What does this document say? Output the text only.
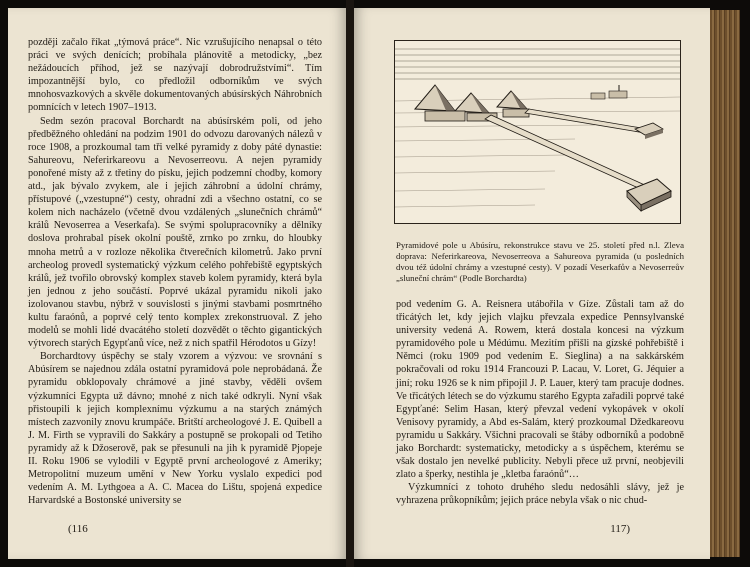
později začalo říkat „týmová práce“. Nic vzrušujícího nenapsal o této práci ve svých denících; probíhala plánovitě a metodicky, „bez nežádoucích příhod, jež se nazývají dobrodružstvími“. Tím impozantnější bylo, co předložil odborníkům ve svých mnohosvazkových a skvěle dokumentovaných abúsírských Náhrobních pomnících v letech 1907–1913.

Sedm sezón pracoval Borchardt na abúsírském poli, od jeho předběžného ohledání na podzim 1901 do odvozu darovaných nálezů v roce 1908, a prozkoumal tam tři velké pyramidy z doby páté dynastie: Sahureovu, Neferirkareovu a Nevoserreovu. A nejen pyramidy ponořené místy až z třetiny do písku, jejich podzemní chodby, komory atd., jak bývalo zvykem, ale i jejich záhrobní a údolní chrámy, přístupové („vzestupné“) cesty, ohradní zdi a všechno ostatní, co se kolem nich nacházelo (včetně dvou vzdálených „slunečních chrámů“ králů Nevoserrea a Veserkafa). Se svými spolupracovníky a dělníky doslova prohrabal písek okolní pouště, zrnko po zrnku, do hloubky mnoha metrů a v rozloze několika čtverečních kilometrů. Jako první archeolog provedl systematický výzkum celého pohřebiště egyptských králů, jež tvořilo obrovský komplex staveb kolem pyramidy, která byla jen jednou z jeho součástí. Poprvé ukázal pyramidu nikoli jako izolovanou stavbu, nýbrž v souvislosti s jinými stavbami posmrtného kultu faraónů, a poprvé celý tento komplex zrekonstruoval. Z jeho modelů se mohli lidé dvacátého století dozvědět o těchto gigantických výtvorech starých Egypťanů více, než z nich spatřil Hérodotos u Gízy!

Borchardtovy úspěchy se staly vzorem a výzvou: ve srovnání s Abúsírem se najednou zdála ostatní pyramidová pole neprobádaná. Že pyramidu obklopovaly chrámové a jiné stavby, věděli ovšem výzkumníci Egypta už dávno; mnohé z nich také odkryli. Nyní však přistoupili k jejich komplexnímu výzkumu a na starých známých místech zazvonily znovu krumpáče. Britští archeologové J. E. Quibell a J. M. Firth se vypravili do Sakkáry a postupně se prokopali od Tetiho pyramidy až k Džoserově, pak se přesunuli na jih k pyramidě Pjopeje II. Roku 1906 se vylodili v Egyptě první archeologové z Ameriky; Metropolitní muzeum umění v New Yorku vyslalo expedici pod vedením A. M. Lythgoea a A. C. Macea do Lištu, spojená expedice Harvardské a Bostonské university se

(116
Pyramidové pole u Abúsíru, rekonstrukce stavu ve 25. století před n.l. Zleva doprava: Neferirkareova, Nevoserreova a Sahureova pyramida (u posledních dvou též údolní chrámy a vzestupné cesty). V pozadí Veserkafův a Nevoserreův „sluneční chrám“ (Podle Borchardta)

pod vedením G. A. Reisnera utábořila v Gíze. Zůstali tam až do třicátých let, kdy jejich vlajku převzala expedice Pennsylvanské university vedená A. Rowem, která dostala koncesi na výzkum pyramidového pole u Médúmu. Mezitím přišli na gízské pohřebiště i Němci (roku 1909 pod vedením E. Sieglina) a na sakkárském pokračovali od roku 1914 Francouzi P. Lacau, V. Loret, G. Jéquier a jiní; roku 1926 se k nim připojil J. P. Lauer, který tam pracuje dodnes. Ve třicátých létech se do výzkumu starého Egypta zařadili poprvé také Egypťané: Selim Hasan, který převzal vedení vykopávek v okolí Venisovy pyramidy, a Abd es-Salám, který prozkoumal Džedkareovu pyramidu u Sakkáry. Všichni pracovali se štáby odborníků a podobně jako Borchardt: systematicky, metodicky a s úspěchem, kterému se však dostalo jen nevelké publicity. Nebyli přece už první, neobjevili zlato a šperky, nestihla je „kletba faraónů“…

Výzkumníci z tohoto druhého sledu nedosáhli slávy, jež je vyhrazena průkopníkům; jejich práce nebyla však o nic chud-

117)
